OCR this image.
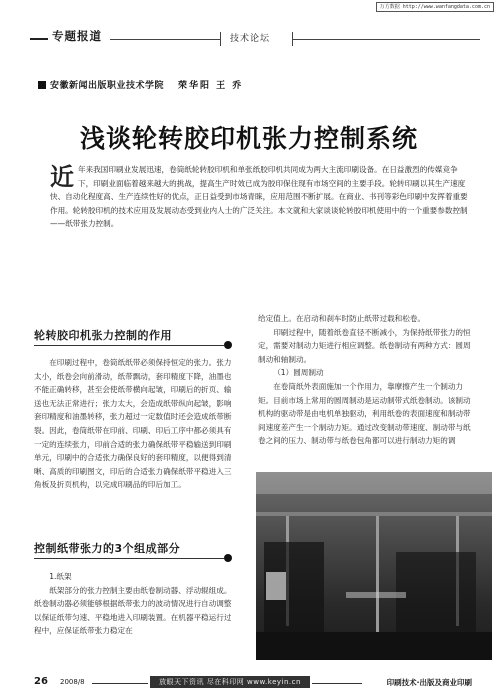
万方数据 http://www.wanfangdata.com.cn
专题报道	技术论坛
安徽新闻出版职业技术学院 荣华阳 王 乔
浅谈轮转胶印机张力控制系统
近 年来我国印刷业发展迅速，卷筒纸轮转胶印机和单张纸胶印机共同成为两大主流印刷设备。在日益激烈的传媒竞争下，印刷业面临着越来越大的挑战，提高生产时效已成为胶印保住现有市场空间的主要手段。轮转印刷以其生产速度快、自动化程度高、生产连续性好的优点，正日益受到市场青睐，应用范围不断扩展。在商业、书刊等彩色印刷中发挥着重要作用。轮转胶印机的技术应用及发展动态受到业内人士的广泛关注。本文就和大家谈谈轮转胶印机使用中的一个重要参数控制——纸带张力控制。
轮转胶印机张力控制的作用

在印刷过程中，卷筒纸纸带必须保持恒定的张力。张力太小，纸卷会向前滑动，纸带飘动，套印精度下降，油墨也不能正确转移，甚至会使纸带横向起皱，印刷后的折页、输送也无法正常进行；张力太大，会造成纸带纵向起皱，影响套印精度和油墨转移，张力超过一定数值时还会造成纸带断裂。因此，卷筒纸带在印前、印刷、印后工序中都必须具有一定的连续张力，印前合适的张力确保纸带平稳输送到印刷单元，印刷中的合适张力确保良好的套印精度，以便得到清晰、高质的印刷图文，印后的合适张力确保纸带平稳进入三角板及折页机构，以完成印刷品的印后加工。

控制纸带张力的3个组成部分

1.纸架

纸架部分的张力控制主要由纸卷制动器、浮动辊组成。纸卷制动器必须能够根据纸带张力的波动情况进行自动调整以保证纸带匀速、平稳地进入印刷装置。在机器平稳运行过程中，应保证纸带张力稳定在

给定值上。在启动和刹车时防止纸带过载和松卷。

印刷过程中，随着纸卷直径不断减小，为保持纸带张力的恒定，需要对制动力矩进行相应调整。纸卷制动有两种方式：圆周制动和轴制动。

（1）圆周制动

在卷筒纸外表面施加一个作用力，靠摩擦产生一个制动力矩。目前市场上常用的圆周制动是运动制带式纸卷制动。该制动机构的驱动带是由电机单独驱动，利用纸卷的表面速度和制动带间速度差产生一个制动力矩。通过改变制动带速度、制动带与纸卷之间的压力、制动带与纸卷包角都可以进行制动力矩的调

26 2008/8	放眼天下资讯 尽在科印网 www.keyin.cn	印刷技术·出版及商业印刷
